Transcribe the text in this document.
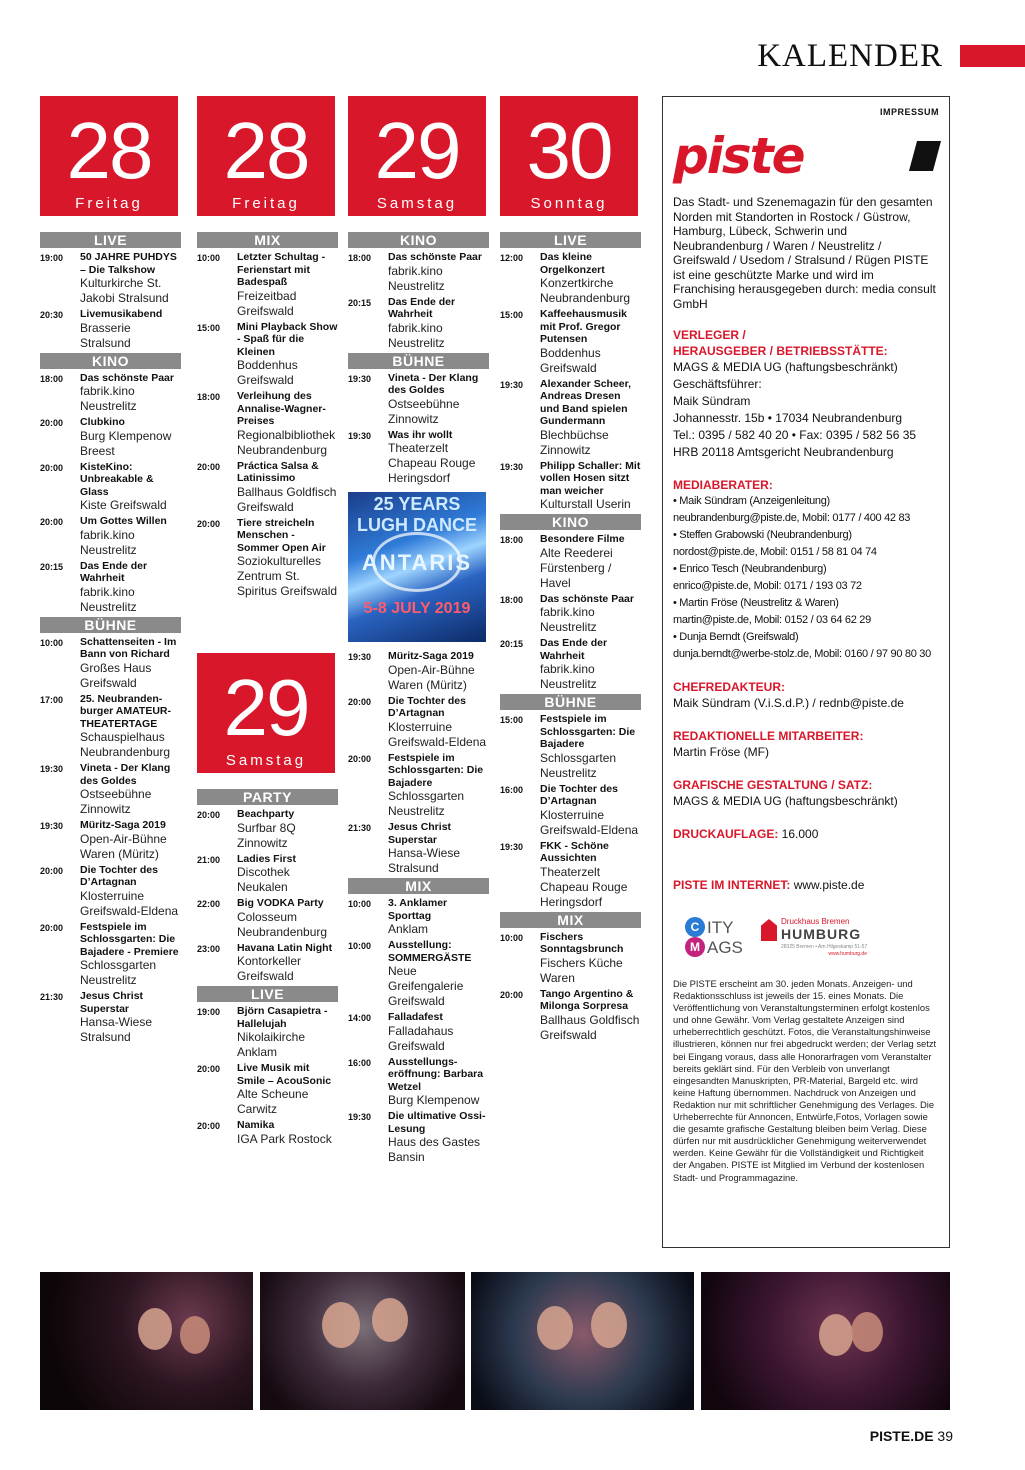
KALENDER
28
Freitag
LIVE
19:00	50 JAHRE PUHDYS – Die Talkshow
Kulturkirche St. Jakobi Stralsund
20:30	Livemusikabend
Brasserie Stralsund
KINO
18:00	Das schönste Paar
fabrik.kino Neustrelitz
20:00	Clubkino
Burg Klempenow Breest
20:00	KisteKino: Unbreakable & Glass
Kiste Greifswald
20:00	Um Gottes Willen
fabrik.kino Neustrelitz
20:15	Das Ende der Wahrheit
fabrik.kino Neustrelitz
BÜHNE
10:00	Schattenseiten - Im Bann von Richard
Großes Haus Greifswald
17:00	25. Neubranden-burger AMATEUR-THEATERTAGE
Schauspielhaus Neubrandenburg
19:30	Vineta - Der Klang des Goldes
Ostseebühne Zinnowitz
19:30	Müritz-Saga 2019
Open-Air-Bühne Waren (Müritz)
20:00	Die Tochter des D’Artagnan
Klosterruine Greifswald-Eldena
20:00	Festspiele im Schlossgarten: Die Bajadere - Premiere
Schlossgarten Neustrelitz
21:30	Jesus Christ Superstar
Hansa-Wiese Stralsund
28
Freitag
MIX
10:00	Letzter Schultag - Ferienstart mit Badespaß
Freizeitbad Greifswald
15:00	Mini Playback Show - Spaß für die Kleinen
Boddenhus Greifswald
18:00	Verleihung des Annalise-Wagner-Preises
Regionalbibliothek Neubrandenburg
20:00	Práctica Salsa & Latinissimo
Ballhaus Goldfisch Greifswald
20:00	Tiere streicheln Menschen - Sommer Open Air
Soziokulturelles Zentrum St. Spiritus Greifswald
29
Samstag
PARTY
20:00	Beachparty
Surfbar 8Q Zinnowitz
21:00	Ladies First
Discothek Neukalen
22:00	Big VODKA Party
Colosseum Neubrandenburg
23:00	Havana Latin Night
Kontorkeller Greifswald
LIVE
19:00	Björn Casapietra - Hallelujah
Nikolaikirche Anklam
20:00	Live Musik mit Smile – AcouSonic
Alte Scheune Carwitz
20:00	Namika
IGA Park Rostock
29
Samstag
KINO
18:00	Das schönste Paar
fabrik.kino Neustrelitz
20:15	Das Ende der Wahrheit
fabrik.kino Neustrelitz
BÜHNE
19:30	Vineta - Der Klang des Goldes
Ostseebühne Zinnowitz
19:30	Was ihr wollt
Theaterzelt Chapeau Rouge Heringsdorf
25 YEARS LUGH DANCE
ANTARIS
5-8 JULY 2019
19:30	Müritz-Saga 2019
Open-Air-Bühne Waren (Müritz)
20:00	Die Tochter des D’Artagnan
Klosterruine Greifswald-Eldena
20:00	Festspiele im Schlossgarten: Die Bajadere
Schlossgarten Neustrelitz
21:30	Jesus Christ Superstar
Hansa-Wiese Stralsund
MIX
10:00	3. Anklamer Sporttag
Anklam
10:00	Ausstellung: SOMMERGÄSTE
Neue Greifengalerie Greifswald
14:00	Falladafest
Falladahaus Greifswald
16:00	Ausstellungs-eröffnung: Barbara Wetzel
Burg Klempenow
19:30	Die ultimative Ossi-Lesung
Haus des Gastes Bansin
30
Sonntag
LIVE
12:00	Das kleine Orgelkonzert
Konzertkirche Neubrandenburg
15:00	Kaffeehausmusik mit Prof. Gregor Putensen
Boddenhus Greifswald
19:30	Alexander Scheer, Andreas Dresen und Band spielen Gundermann
Blechbüchse Zinnowitz
19:30	Philipp Schaller: Mit vollen Hosen sitzt man weicher
Kulturstall Userin
KINO
18:00	Besondere Filme
Alte Reederei Fürstenberg / Havel
18:00	Das schönste Paar
fabrik.kino Neustrelitz
20:15	Das Ende der Wahrheit
fabrik.kino Neustrelitz
BÜHNE
15:00	Festspiele im Schlossgarten: Die Bajadere
Schlossgarten Neustrelitz
16:00	Die Tochter des D’Artagnan
Klosterruine Greifswald-Eldena
19:30	FKK - Schöne Aussichten
Theaterzelt Chapeau Rouge Heringsdorf
MIX
10:00	Fischers Sonntagsbrunch
Fischers Küche Waren
20:00	Tango Argentino & Milonga Sorpresa
Ballhaus Goldfisch Greifswald
IMPRESSUM
piste
Das Stadt- und Szenemagazin für den gesamten Norden mit Standorten in Rostock / Güstrow, Hamburg, Lübeck, Schwerin und Neubrandenburg / Waren / Neustrelitz / Greifswald / Usedom / Stralsund / Rügen PISTE ist eine geschützte Marke und wird im Franchising herausgegeben durch: media consult GmbH
VERLEGER /
HERAUSGEBER / BETRIEBSSTÄTTE:
MAGS & MEDIA UG (haftungsbeschränkt)
Geschäftsführer:
Maik Sündram
Johannesstr. 15b • 17034 Neubrandenburg
Tel.: 0395 / 582 40 20 • Fax: 0395 / 582 56 35
HRB 20118 Amtsgericht Neubrandenburg
MEDIABERATER:
• Maik Sündram (Anzeigenleitung)
neubrandenburg@piste.de, Mobil: 0177 / 400 42 83
• Steffen Grabowski (Neubrandenburg)
nordost@piste.de, Mobil: 0151 / 58 81 04 74
• Enrico Tesch (Neubrandenburg)
enrico@piste.de, Mobil: 0171 / 193 03 72
• Martin Fröse (Neustrelitz & Waren)
martin@piste.de, Mobil: 0152 / 03 64 62 29
• Dunja Berndt (Greifswald)
dunja.berndt@werbe-stolz.de, Mobil: 0160 / 97 90 80 30
CHEFREDAKTEUR:
Maik Sündram (V.i.S.d.P.) / rednb@piste.de
REDAKTIONELLE MITARBEITER:
Martin Fröse (MF)
GRAFISCHE GESTALTUNG / SATZ:
MAGS & MEDIA UG (haftungsbeschränkt)
DRUCKAUFLAGE: 16.000
PISTE IM INTERNET: www.piste.de
C ITY
M AGS
Druckhaus Bremen
HUMBURG
28325 Bremen • Am Hilgeskamp 51-57
www.humburg.de
Die PISTE erscheint am 30. jeden Monats. Anzeigen- und Redaktionsschluss ist jeweils der 15. eines Monats. Die Veröffentlichung von Veranstaltungsterminen erfolgt kostenlos und ohne Gewähr. Vom Verlag gestaltete Anzeigen sind urheberrechtlich geschützt. Fotos, die Veranstaltungshinweise illustrieren, können nur frei abgedruckt werden; der Verlag setzt bei Eingang voraus, dass alle Honorarfragen vom Veranstalter bereits geklärt sind. Für den Verbleib von unverlangt eingesandten Manuskripten, PR-Material, Bargeld etc. wird keine Haftung übernommen. Nachdruck von Anzeigen und Redaktion nur mit schriftlicher Genehmigung des Verlages. Die Urheberrechte für Annoncen, Entwürfe,Fotos, Vorlagen sowie die gesamte grafische Gestaltung bleiben beim Verlag. Diese dürfen nur mit ausdrücklicher Genehmigung weiterverwendet werden. Keine Gewähr für die Vollständigkeit und Richtigkeit der Angaben. PISTE ist Mitglied im Verbund der kostenlosen Stadt- und Programmagazine.
PISTE.DE 39
